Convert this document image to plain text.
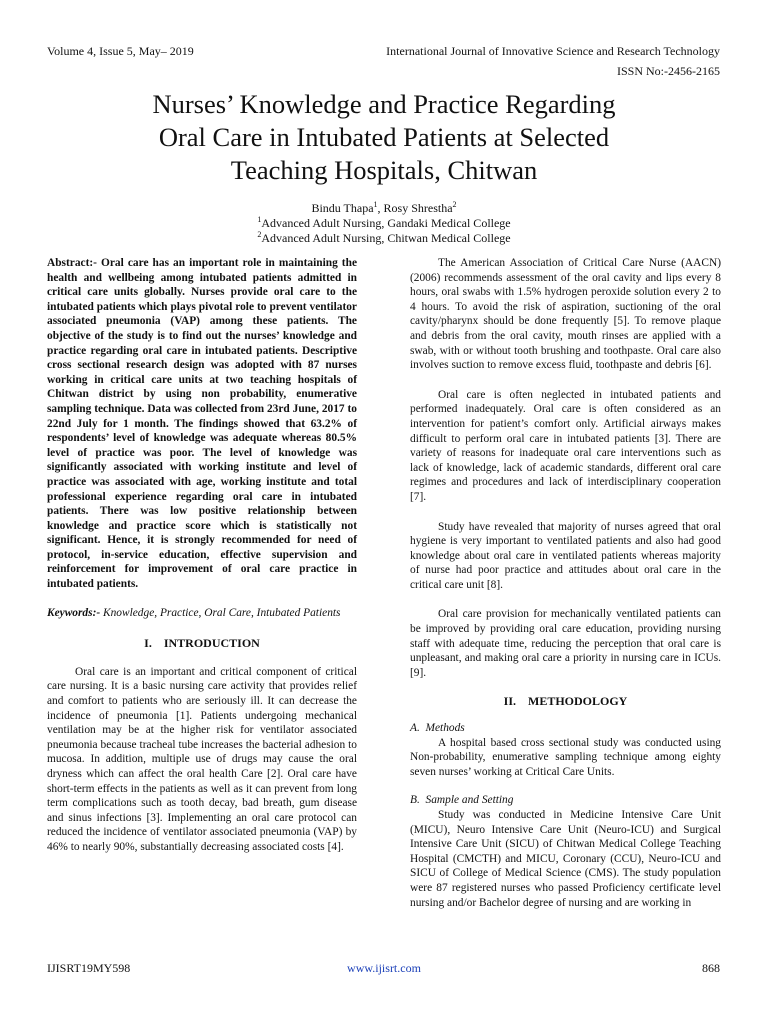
Volume 4, Issue 5, May– 2019	International Journal of Innovative Science and Research Technology
ISSN No:-2456-2165
Nurses’ Knowledge and Practice Regarding
Oral Care in Intubated Patients at Selected
Teaching Hospitals, Chitwan
Bindu Thapa$^1$, Rosy Shrestha$^2$
$^1$Advanced Adult Nursing, Gandaki Medical College
$^2$Advanced Adult Nursing, Chitwan Medical College

Abstract:- Oral care has an important role in maintaining the health and wellbeing among intubated patients admitted in critical care units globally. Nurses provide oral care to the intubated patients which plays pivotal role to prevent ventilator associated pneumonia (VAP) among these patients. The objective of the study is to find out the nurses’ knowledge and practice regarding oral care in intubated patients. Descriptive cross sectional research design was adopted with 87 nurses working in critical care units at two teaching hospitals of Chitwan district by using non probability, enumerative sampling technique. Data was collected from 23rd June, 2017 to 22nd July for 1 month. The findings showed that 63.2% of respondents’ level of knowledge was adequate whereas 80.5% level of practice was poor. The level of knowledge was significantly associated with working institute and level of practice was associated with age, working institute and total professional experience regarding oral care in intubated patients. There was low positive relationship between knowledge and practice score which is statistically not significant. Hence, it is strongly recommended for need of protocol, in-service education, effective supervision and reinforcement for improvement of oral care practice in intubated patients.

Keywords:- Knowledge, Practice, Oral Care, Intubated Patients

I.    INTRODUCTION

Oral care is an important and critical component of critical care nursing. It is a basic nursing care activity that provides relief and comfort to patients who are seriously ill. It can decrease the incidence of pneumonia [1]. Patients undergoing mechanical ventilation may be at the higher risk for ventilator associated pneumonia because tracheal tube increases the bacterial adhesion to mucosa. In addition, multiple use of drugs may cause the oral dryness which can affect the oral health Care [2]. Oral care have short-term effects in the patients as well as it can prevent from long term complications such as tooth decay, bad breath, gum disease and sinus infections [3]. Implementing an oral care protocol can reduced the incidence of ventilator associated pneumonia (VAP) by 46% to nearly 90%, substantially decreasing associated costs [4].

The American Association of Critical Care Nurse (AACN) (2006) recommends assessment of the oral cavity and lips every 8 hours, oral swabs with 1.5% hydrogen peroxide solution every 2 to 4 hours. To avoid the risk of aspiration, suctioning of the oral cavity/pharynx should be done frequently [5]. To remove plaque and debris from the oral cavity, mouth rinses are applied with a swab, with or without tooth brushing and toothpaste. Oral care also involves suction to remove excess fluid, toothpaste and debris [6].

Oral care is often neglected in intubated patients and performed inadequately. Oral care is often considered as an intervention for patient’s comfort only. Artificial airways makes difficult to perform oral care in intubated patients [3]. There are variety of reasons for inadequate oral care interventions such as lack of knowledge, lack of academic standards, different oral care regimes and procedures and lack of interdisciplinary cooperation [7].

Study have revealed that majority of nurses agreed that oral hygiene is very important to ventilated patients and also had good knowledge about oral care in ventilated patients whereas majority of nurse had poor practice and attitudes about oral care in the critical care unit [8].

Oral care provision for mechanically ventilated patients can be improved by providing oral care education, providing nursing staff with adequate time, reducing the perception that oral care is unpleasant, and making oral care a priority in nursing care in ICUs. [9].

II.    METHODOLOGY

A.  Methods

A hospital based cross sectional study was conducted using Non-probability, enumerative sampling technique among eighty seven nurses’ working at Critical Care Units.

B.  Sample and Setting

Study was conducted in Medicine Intensive Care Unit (MICU), Neuro Intensive Care Unit (Neuro-ICU) and Surgical Intensive Care Unit (SICU) of Chitwan Medical College Teaching Hospital (CMCTH) and MICU, Coronary (CCU), Neuro-ICU and SICU of College of Medical Science (CMS). The study population were 87 registered nurses who passed Proficiency certificate level nursing and/or Bachelor degree of nursing and are working in

IJISRT19MY598	www.ijisrt.com	868
